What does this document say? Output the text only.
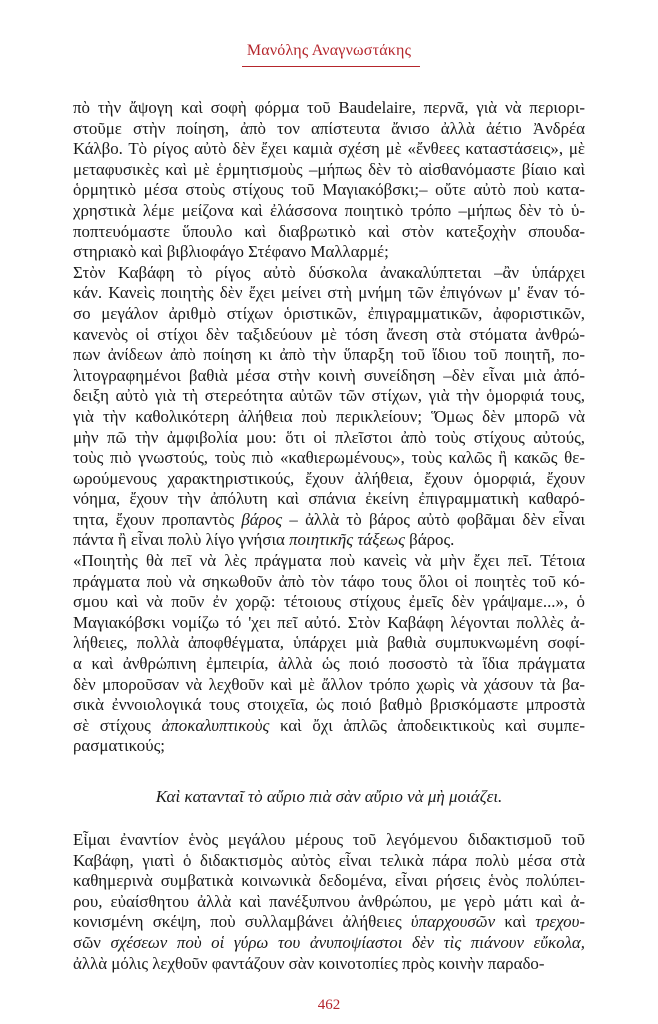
Μανόλης Αναγνωστάκης
πὸ τὴν ἄψογη καὶ σοφὴ φόρμα τοῦ Baudelaire, περνᾶ, γιὰ νὰ περιορι-
στοῦμε στὴν ποίηση, ἀπὸ τον απίστευτα ἄνισο ἀλλὰ ἀέτιο Ἀνδρέα
Κάλβο. Τὸ ρίγος αὐτὸ δὲν ἔχει καμιὰ σχέση μὲ «ἔνθεες καταστάσεις», μὲ
μεταφυσικὲς καὶ μὲ ἑρμητισμοὺς –μήπως δὲν τὸ αἰσθανόμαστε βίαιο καὶ
ὁρμητικὸ μέσα στοὺς στίχους τοῦ Μαγιακόβσκι;– οὔτε αὐτὸ ποὺ κατα-
χρηστικὰ λέμε μείζονα καὶ ἐλάσσονα ποιητικὸ τρόπο –μήπως δὲν τὸ ὑ-
ποπτευόμαστε ὕπουλο καὶ διαβρωτικὸ καὶ στὸν κατεξοχὴν σπουδα-
στηριακὸ καὶ βιβλιοφάγο Στέφανο Μαλλαρμέ;
Στὸν Καβάφη τὸ ρίγος αὐτὸ δύσκολα ἀνακαλύπτεται –ἂν ὑπάρχει
κάν. Κανεὶς ποιητὴς δὲν ἔχει μείνει στὴ μνήμη τῶν ἐπιγόνων μ' ἕναν τό-
σο μεγάλον ἀριθμὸ στίχων ὁριστικῶν, ἐπιγραμματικῶν, ἀφοριστικῶν,
κανενὸς οἱ στίχοι δὲν ταξιδεύουν μὲ τόση ἄνεση στὰ στόματα ἀνθρώ-
πων ἀνίδεων ἀπὸ ποίηση κι ἀπὸ τὴν ὕπαρξη τοῦ ἴδιου τοῦ ποιητῆ, πο-
λιτογραφημένοι βαθιὰ μέσα στὴν κοινὴ συνείδηση –δὲν εἶναι μιὰ ἀπό-
δειξη αὐτὸ γιὰ τὴ στερεότητα αὐτῶν τῶν στίχων, γιὰ τὴν ὁμορφιά τους,
γιὰ τὴν καθολικότερη ἀλήθεια ποὺ περικλείουν; Ὅμως δὲν μπορῶ νὰ
μὴν πῶ τὴν ἀμφιβολία μου: ὅτι οἱ πλεῖστοι ἀπὸ τοὺς στίχους αὐτούς,
τοὺς πιὸ γνωστούς, τοὺς πιὸ «καθιερωμένους», τοὺς καλῶς ἢ κακῶς θε-
ωρούμενους χαρακτηριστικούς, ἔχουν ἀλήθεια, ἔχουν ὁμορφιά, ἔχουν
νόημα, ἔχουν τὴν ἀπόλυτη καὶ σπάνια ἐκείνη ἐπιγραμματικὴ καθαρό-
τητα, ἔχουν προπαντὸς βάρος – ἀλλὰ τὸ βάρος αὐτὸ φοβᾶμαι δὲν εἶναι
πάντα ἢ εἶναι πολὺ λίγο γνήσια ποιητικῆς τάξεως βάρος.
«Ποιητὴς θὰ πεῖ νὰ λὲς πράγματα ποὺ κανεὶς νὰ μὴν ἔχει πεῖ. Τέτοια
πράγματα ποὺ νὰ σηκωθοῦν ἀπὸ τὸν τάφο τους ὅλοι οἱ ποιητὲς τοῦ κό-
σμου καὶ νὰ ποῦν ἐν χορῷ: τέτοιους στίχους ἐμεῖς δὲν γράψαμε...», ὁ
Μαγιακόβσκι νομίζω τό 'χει πεῖ αὐτό. Στὸν Καβάφη λέγονται πολλὲς ἀ-
λήθειες, πολλὰ ἀποφθέγματα, ὑπάρχει μιὰ βαθιὰ συμπυκνωμένη σοφί-
α καὶ ἀνθρώπινη ἐμπειρία, ἀλλὰ ὡς ποιό ποσοστὸ τὰ ἴδια πράγματα
δὲν μποροῦσαν νὰ λεχθοῦν καὶ μὲ ἄλλον τρόπο χωρὶς νὰ χάσουν τὰ βα-
σικὰ ἐννοιολογικά τους στοιχεῖα, ὡς ποιό βαθμὸ βρισκόμαστε μπροστὰ
σὲ στίχους ἀποκαλυπτικοὺς καὶ ὄχι ἁπλῶς ἀποδεικτικοὺς καὶ συμπε-
ρασματικούς;
Καὶ κατανταῖ τὸ αὔριο πιὰ σὰν αὔριο νὰ μὴ μοιάζει.
Εἶμαι ἐναντίον ἑνὸς μεγάλου μέρους τοῦ λεγόμενου διδακτισμοῦ τοῦ
Καβάφη, γιατὶ ὁ διδακτισμὸς αὐτὸς εἶναι τελικὰ πάρα πολὺ μέσα στὰ
καθημερινὰ συμβατικὰ κοινωνικὰ δεδομένα, εἶναι ρήσεις ἑνὸς πολύπει-
ρου, εὐαίσθητου ἀλλὰ καὶ πανέξυπνου ἀνθρώπου, με γερὸ μάτι καὶ ἀ-
κονισμένη σκέψη, ποὺ συλλαμβάνει ἀλήθειες ὑπαρχουσῶν καὶ τρεχου-
σῶν σχέσεων ποὺ οἱ γύρω του ἀνυποψίαστοι δὲν τὶς πιάνουν εὔκολα,
ἀλλὰ μόλις λεχθοῦν φαντάζουν σὰν κοινοτοπίες πρὸς κοινὴν παραδο-
462
